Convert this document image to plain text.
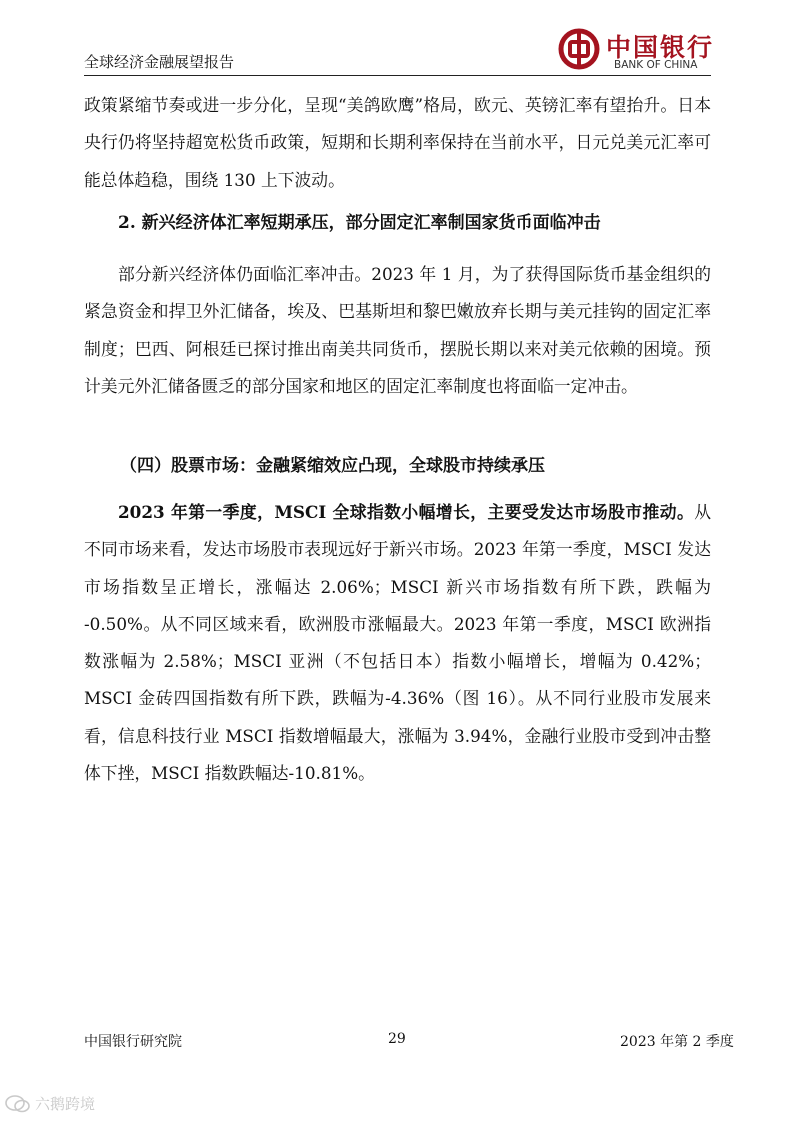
全球经济金融展望报告	中国银行
BANK OF CHINA

政策紧缩节奏或进一步分化，呈现“美鸽欧鹰”格局，欧元、英镑汇率有望抬升。日本央行仍将坚持超宽松货币政策，短期和长期利率保持在当前水平，日元兑美元汇率可能总体趋稳，围绕 130 上下波动。

2. 新兴经济体汇率短期承压，部分固定汇率制国家货币面临冲击

部分新兴经济体仍面临汇率冲击。2023 年 1 月，为了获得国际货币基金组织的紧急资金和捍卫外汇储备，埃及、巴基斯坦和黎巴嫩放弃长期与美元挂钩的固定汇率制度；巴西、阿根廷已探讨推出南美共同货币，摆脱长期以来对美元依赖的困境。预计美元外汇储备匮乏的部分国家和地区的固定汇率制度也将面临一定冲击。

（四）股票市场：金融紧缩效应凸现，全球股市持续承压

2023 年第一季度，MSCI 全球指数小幅增长，主要受发达市场股市推动。从不同市场来看，发达市场股市表现远好于新兴市场。2023 年第一季度，MSCI 发达市场指数呈正增长，涨幅达 2.06%；MSCI 新兴市场指数有所下跌，跌幅为 -0.50%。从不同区域来看，欧洲股市涨幅最大。2023 年第一季度，MSCI 欧洲指数涨幅为 2.58%；MSCI 亚洲（不包括日本）指数小幅增长，增幅为 0.42%；MSCI 金砖四国指数有所下跌，跌幅为-4.36%（图 16）。从不同行业股市发展来看，信息科技行业 MSCI 指数增幅最大，涨幅为 3.94%，金融行业股市受到冲击整体下挫，MSCI 指数跌幅达-10.81%。

中国银行研究院	29	2023 年第 2 季度
六鹅跨境
